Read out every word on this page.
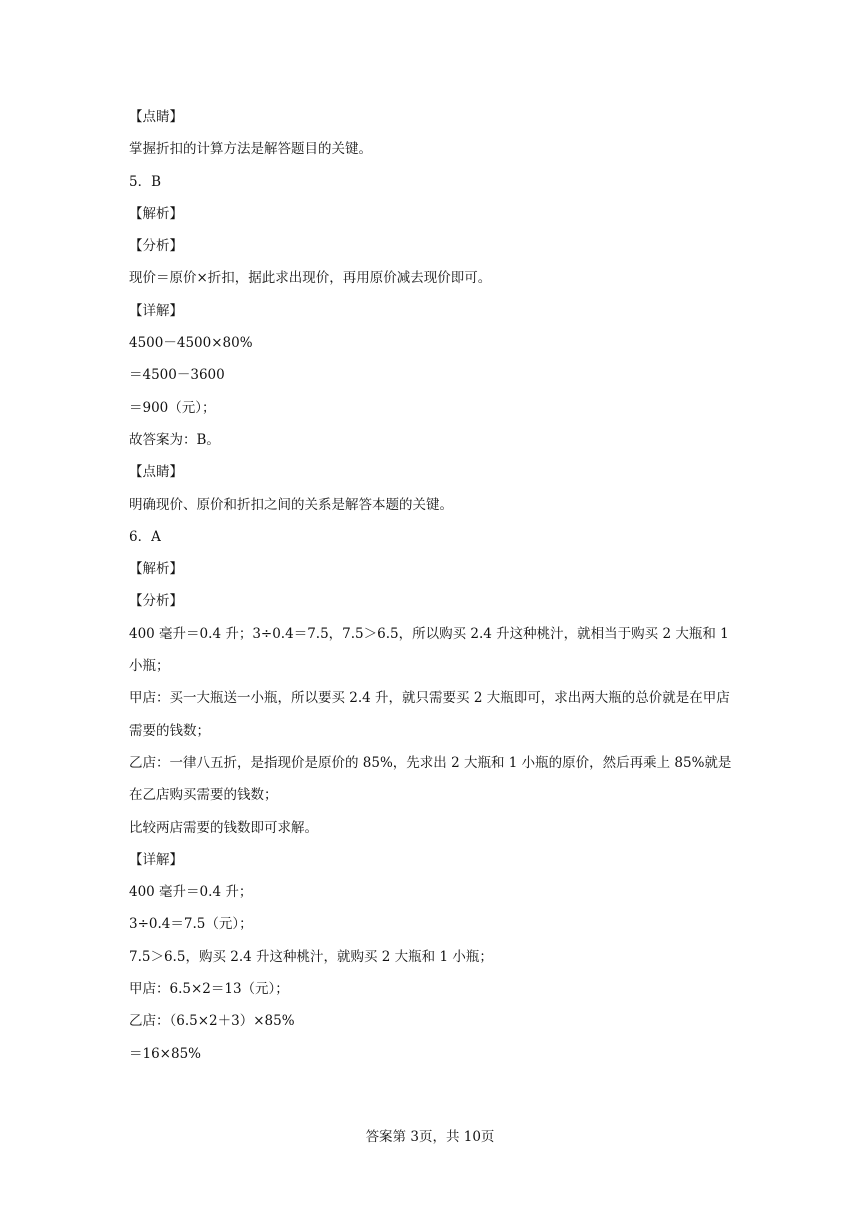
【点睛】
掌握折扣的计算方法是解答题目的关键。
5．B
【解析】
【分析】
现价＝原价×折扣，据此求出现价，再用原价减去现价即可。
【详解】
4500－4500×80%
＝4500－3600
＝900（元）；
故答案为：B。
【点睛】
明确现价、原价和折扣之间的关系是解答本题的关键。
6．A
【解析】
【分析】
400 毫升＝0.4 升；3÷0.4＝7.5，7.5＞6.5，所以购买 2.4 升这种桃汁，就相当于购买 2 大瓶和 1 小瓶；
甲店：买一大瓶送一小瓶，所以要买 2.4 升，就只需要买 2 大瓶即可，求出两大瓶的总价就是在甲店需要的钱数；
乙店：一律八五折，是指现价是原价的 85%，先求出 2 大瓶和 1 小瓶的原价，然后再乘上 85%就是在乙店购买需要的钱数；
比较两店需要的钱数即可求解。
【详解】
400 毫升＝0.4 升；
3÷0.4＝7.5（元）；
7.5＞6.5，购买 2.4 升这种桃汁，就购买 2 大瓶和 1 小瓶；
甲店：6.5×2＝13（元）；
乙店：（6.5×2＋3）×85%
＝16×85%
答案第 3页，共 10页
